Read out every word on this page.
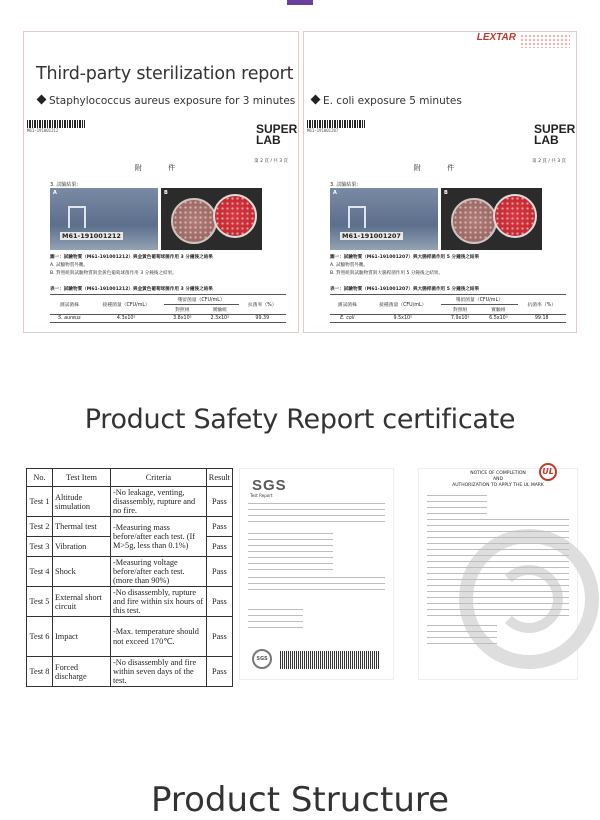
Third-party sterilization report
Staphylococcus aureus exposure for 3 minutes
M61-191001212	SUPER
LAB
第 2 頁 / 共 3 頁
附 件
3. 試驗結果：
A
M61-191001212
B
圖一：試驗物質（M61-191001212）與金黃色葡萄球菌作用 3 分鐘後之結果
A. 試驗物質外觀。
B. 對照組與試驗物質與金黃色葡萄球菌作用 3 分鐘後之結果。
表一：試驗物質（M61-191001212）與金黃色葡萄球菌作用 3 分鐘後之結果
測試菌株	接種菌量（CFU/mL）	殘留菌量（CFU/mL）		抗菌率（%）
		對照組	實驗組	
S. aureus	4.3x10⁵	3.8x10⁵	2.3x10³	99.39
LEXTAR
E. coli exposure 5 minutes
M61-191001207	SUPER
LAB
第 2 頁 / 共 3 頁
附 件
3. 試驗結果：
A
M61-191001207
B
圖一：試驗物質（M61-191001207）與大腸桿菌作用 5 分鐘後之結果
A. 試驗物質外觀。
B. 對照組與試驗物質與大腸桿菌作用 5 分鐘後之結果。
表一：試驗物質（M61-191001207）與大腸桿菌作用 5 分鐘後之結果
測試菌株	接種菌量（CFU/mL）	殘留菌量（CFU/mL）		抗菌率（%）
		對照組	實驗組	
E. coli	9.5x10⁵	7.9x10⁵	6.5x10³	99.18
Product Safety Report certificate
No.	Test Item	Criteria	Result
Test 1	Altitude simulation	-No leakage, venting, disassembly, rupture and no fire.	Pass
Test 2	Thermal test	-Measuring mass before/after each test. (If M>5g, less than 0.1%)	Pass
Test 3	Vibration		Pass
Test 4	Shock	-Measuring voltage before/after each test. (more than 90%)	Pass
Test 5	External short circuit	-No disassembly, rupture and fire within six hours of this test.	Pass
Test 6	Impact	-Max. temperature should not exceed 170℃.	Pass
Test 8	Forced discharge	-No disassembly and fire within seven days of the test.	Pass
SGS
Test Report
SGS
NOTICE OF COMPLETION
AND
AUTHORIZATION TO APPLY THE UL MARK
UL
Product Structure
